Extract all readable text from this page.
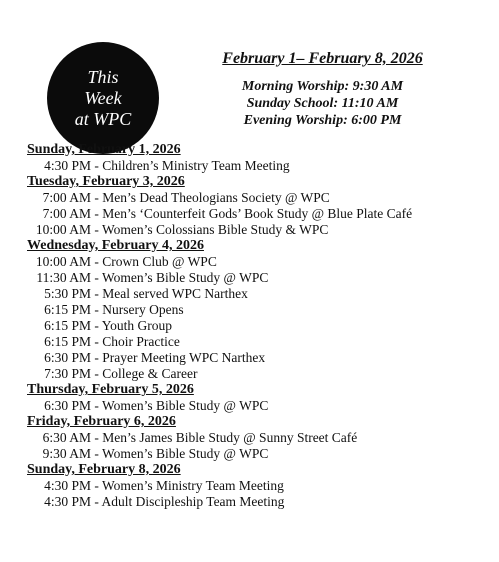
This
Week
at WPC
February 1– February 8, 2026
Morning Worship: 9:30 AM
Sunday School: 11:10 AM
Evening Worship: 6:00 PM
Sunday, February 1, 2026
4:30 PM - Children’s Ministry Team Meeting
Tuesday, February 3, 2026
7:00 AM - Men’s Dead Theologians Society @ WPC
7:00 AM - Men’s ‘Counterfeit Gods’ Book Study @ Blue Plate Café
10:00 AM - Women’s Colossians Bible Study & WPC
Wednesday, February 4, 2026
10:00 AM - Crown Club @ WPC
11:30 AM - Women’s Bible Study @ WPC
5:30 PM - Meal served WPC Narthex
6:15 PM - Nursery Opens
6:15 PM - Youth Group
6:15 PM - Choir Practice
6:30 PM - Prayer Meeting WPC Narthex
7:30 PM - College & Career
Thursday, February 5, 2026
6:30 PM - Women’s Bible Study @ WPC
Friday, February 6, 2026
6:30 AM - Men’s James Bible Study @ Sunny Street Café
9:30 AM - Women’s Bible Study @ WPC
Sunday, February 8, 2026
4:30 PM - Women’s Ministry Team Meeting
4:30 PM - Adult Discipleship Team Meeting
